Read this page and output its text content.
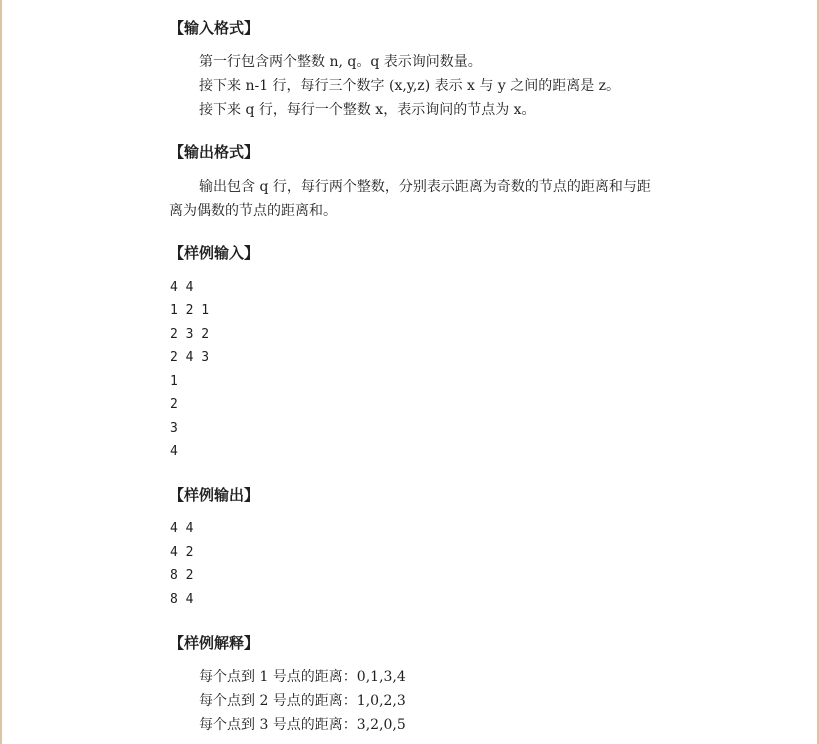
【输入格式】
第一行包含两个整数 n, q。q 表示询问数量。
接下来 n-1 行，每行三个数字 (x,y,z) 表示 x 与 y 之间的距离是 z。
接下来 q 行，每行一个整数 x，表示询问的节点为 x。
【输出格式】
输出包含 q 行，每行两个整数，分别表示距离为奇数的节点的距离和与距离为偶数的节点的距离和。
【样例输入】
4 4
1 2 1
2 3 2
2 4 3
1
2
3
4
【样例输出】
4 4
4 2
8 2
8 4
【样例解释】
每个点到 1 号点的距离：0,1,3,4
每个点到 2 号点的距离：1,0,2,3
每个点到 3 号点的距离：3,2,0,5
